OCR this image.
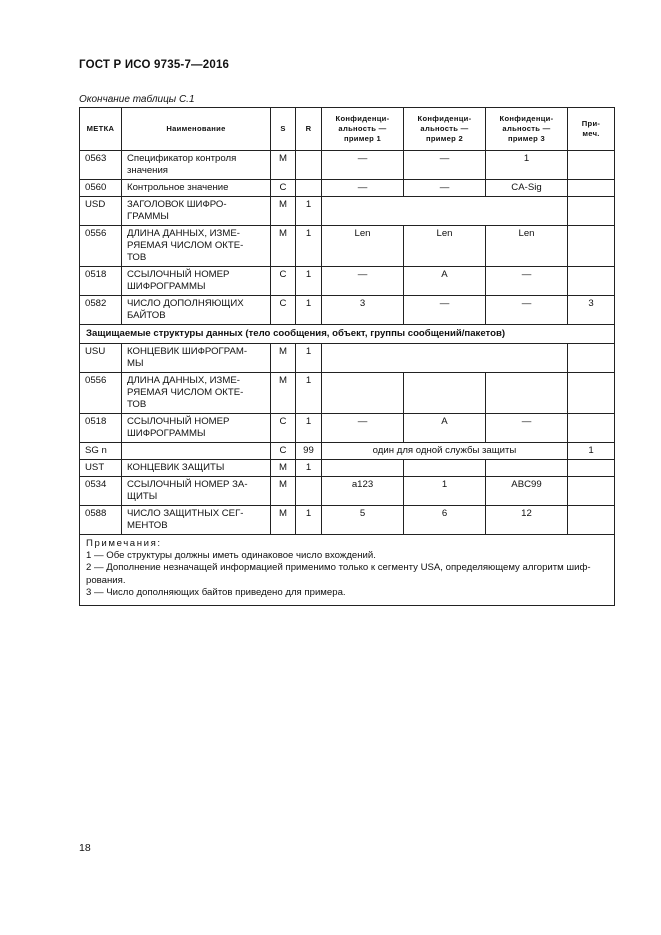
ГОСТ Р ИСО 9735-7—2016
Окончание таблицы С.1
МЕТКА	Наименование	S	R	Конфиденци-
альность —
пример 1	Конфиденци-
альность —
пример 2	Конфиденци-
альность —
пример 3	При-
меч.
0563	Спецификатор контроля
значения	M		—	—	1	
0560	Контрольное значение	C		—	—	CA-Sig	
USD	ЗАГОЛОВОК ШИФРО-
ГРАММЫ	M	1				
0556	ДЛИНА ДАННЫХ, ИЗМЕ-
РЯЕМАЯ ЧИСЛОМ ОКТЕ-
ТОВ	M	1	Len	Len	Len	
0518	ССЫЛОЧНЫЙ НОМЕР
ШИФРОГРАММЫ	C	1	—	A	—	
0582	ЧИСЛО ДОПОЛНЯЮЩИХ
БАЙТОВ	C	1	3	—	—	3
Защищаемые структуры данных (тело сообщения, объект, группы сообщений/пакетов)							
USU	КОНЦЕВИК ШИФРОГРАМ-
МЫ	M	1				
0556	ДЛИНА ДАННЫХ, ИЗМЕ-
РЯЕМАЯ ЧИСЛОМ ОКТЕ-
ТОВ	M	1				
0518	ССЫЛОЧНЫЙ НОМЕР
ШИФРОГРАММЫ	C	1	—	A	—	
SG n		C	99	один для одной службы защиты			1
UST	КОНЦЕВИК ЗАЩИТЫ	M	1				
0534	ССЫЛОЧНЫЙ НОМЕР ЗА-
ЩИТЫ	M		a123	1	ABC99	
0588	ЧИСЛО ЗАЩИТНЫХ СЕГ-
МЕНТОВ	M	1	5	6	12	

Примечания:
1 — Обе структуры должны иметь одинаковое число вхождений.
2 — Дополнение незначащей информацией применимо только к сегменту USA, определяющему алгоритм шиф-
рования.
3 — Число дополняющих байтов приведено для примера.							
18
